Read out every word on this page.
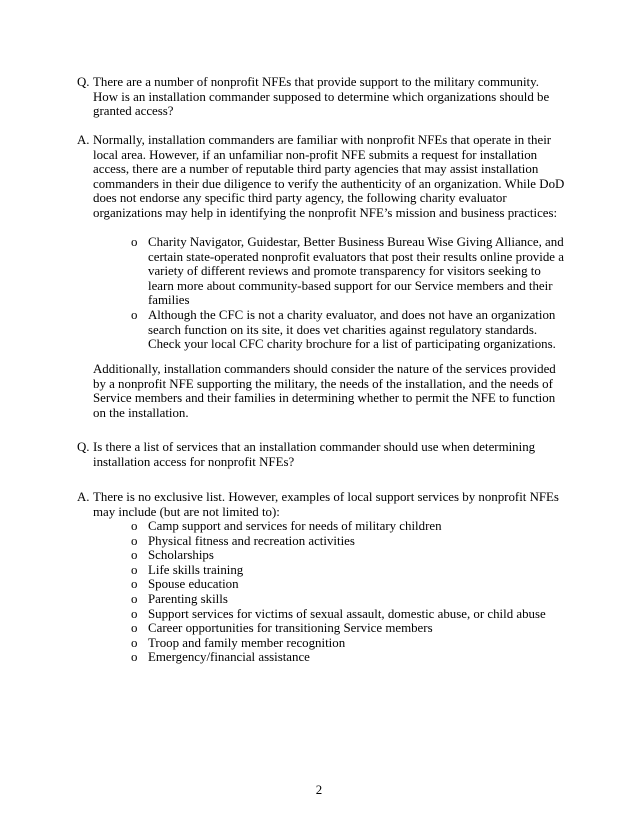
Q. There are a number of nonprofit NFEs that provide support to the military community. How is an installation commander supposed to determine which organizations should be granted access?
A. Normally, installation commanders are familiar with nonprofit NFEs that operate in their local area. However, if an unfamiliar non-profit NFE submits a request for installation access, there are a number of reputable third party agencies that may assist installation commanders in their due diligence to verify the authenticity of an organization. While DoD does not endorse any specific third party agency, the following charity evaluator organizations may help in identifying the nonprofit NFE’s mission and business practices:
o Charity Navigator, Guidestar, Better Business Bureau Wise Giving Alliance, and certain state-operated nonprofit evaluators that post their results online provide a variety of different reviews and promote transparency for visitors seeking to learn more about community-based support for our Service members and their families
o Although the CFC is not a charity evaluator, and does not have an organization search function on its site, it does vet charities against regulatory standards. Check your local CFC charity brochure for a list of participating organizations.
Additionally, installation commanders should consider the nature of the services provided by a nonprofit NFE supporting the military, the needs of the installation, and the needs of Service members and their families in determining whether to permit the NFE to function on the installation.
Q. Is there a list of services that an installation commander should use when determining installation access for nonprofit NFEs?
A. There is no exclusive list. However, examples of local support services by nonprofit NFEs may include (but are not limited to):
o Camp support and services for needs of military children
o Physical fitness and recreation activities
o Scholarships
o Life skills training
o Spouse education
o Parenting skills
o Support services for victims of sexual assault, domestic abuse, or child abuse
o Career opportunities for transitioning Service members
o Troop and family member recognition
o Emergency/financial assistance
2
